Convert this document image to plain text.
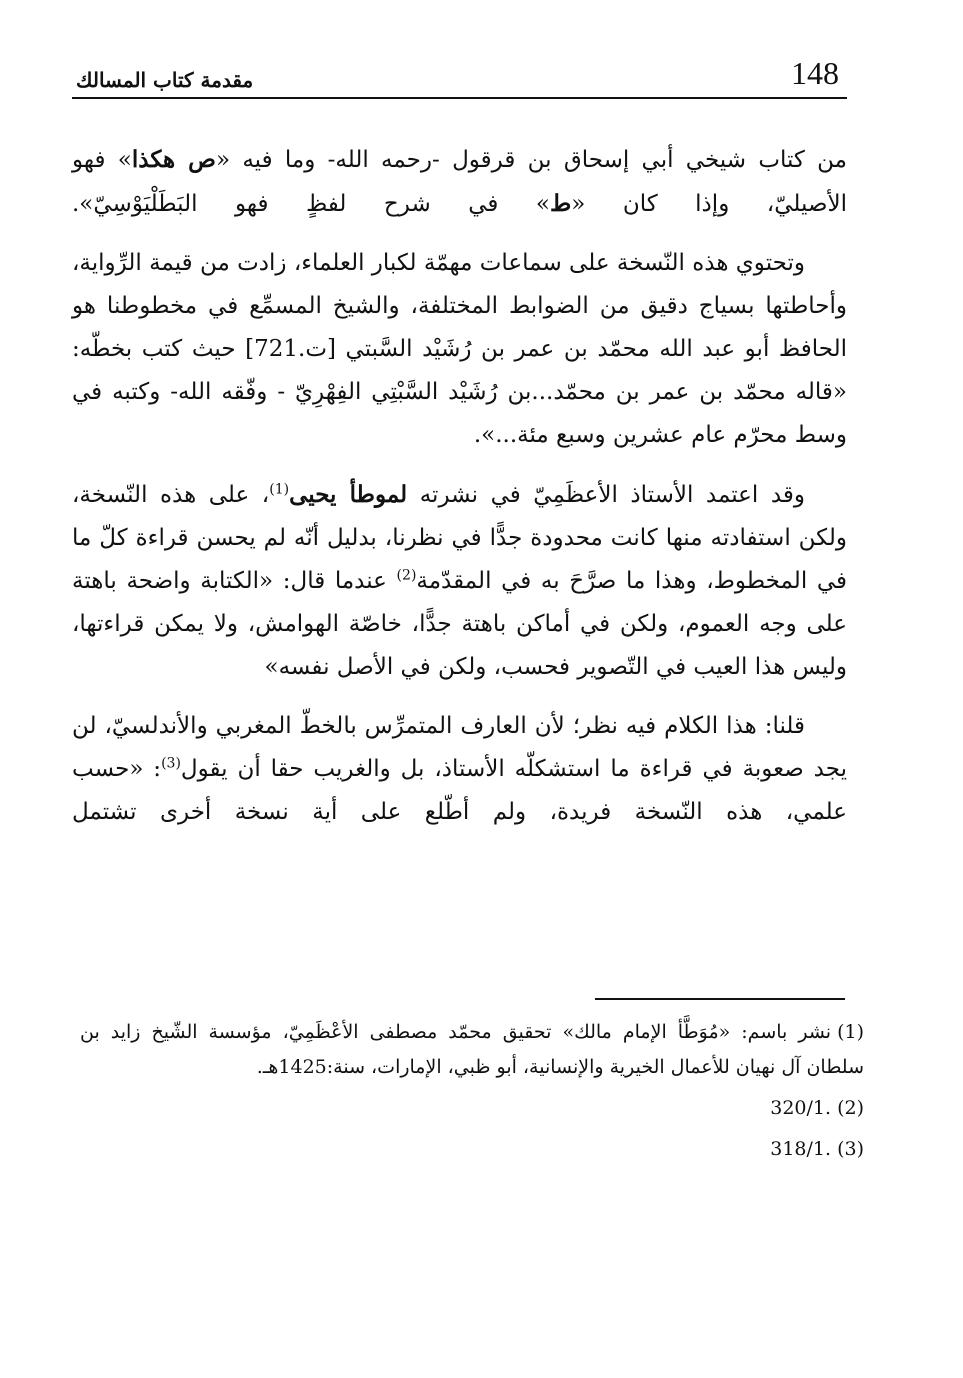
148
مقدمة كتاب المسالك

من كتاب شيخي أبي إسحاق بن قرقول -رحمه الله- وما فيه «ص هكذا» فهو الأصيليّ، وإذا كان «ط» في شرح لفظٍ فهو البَطَلْيَوْسِيّ».

وتحتوي هذه النّسخة على سماعات مهمّة لكبار العلماء، زادت من قيمة الرِّواية، وأحاطتها بسياج دقيق من الضوابط المختلفة، والشيخ المسمِّع في مخطوطنا هو الحافظ أبو عبد الله محمّد بن عمر بن رُشَيْد السَّبتي [ت.721] حيث كتب بخطّه: «قاله محمّد بن عمر بن محمّد...بن رُشَيْد السَّبْتِي الفِهْرِيّ - وفّقه الله- وكتبه في وسط محرّم عام عشرين وسبع مئة...».

وقد اعتمد الأستاذ الأعظَمِيّ في نشرته لموطأ يحيى$^{(1)}$، على هذه النّسخة، ولكن استفادته منها كانت محدودة جدًّا في نظرنا، بدليل أنّه لم يحسن قراءة كلّ ما في المخطوط، وهذا ما صرَّحَ به في المقدّمة$^{(2)}$ عندما قال: «الكتابة واضحة باهتة على وجه العموم، ولكن في أماكن باهتة جدًّا، خاصّة الهوامش، ولا يمكن قراءتها، وليس هذا العيب في التّصوير فحسب، ولكن في الأصل نفسه»

قلنا: هذا الكلام فيه نظر؛ لأن العارف المتمرِّس بالخطّ المغربي والأندلسيّ، لن يجد صعوبة في قراءة ما استشكلّه الأستاذ، بل والغريب حقا أن يقول$^{(3)}$: «حسب علمي، هذه النّسخة فريدة، ولم أطّلع على أية نسخة أخرى تشتمل

(1)نشر باسم: «مُوَطَّأ الإمام مالك» تحقيق محمّد مصطفى الأعْظَمِيّ، مؤسسة الشّيخ زايد بن سلطان آل نهيان للأعمال الخيرية والإنسانية، أبو ظبي، الإمارات، سنة:1425هـ.

(2).320/1

(3).318/1
